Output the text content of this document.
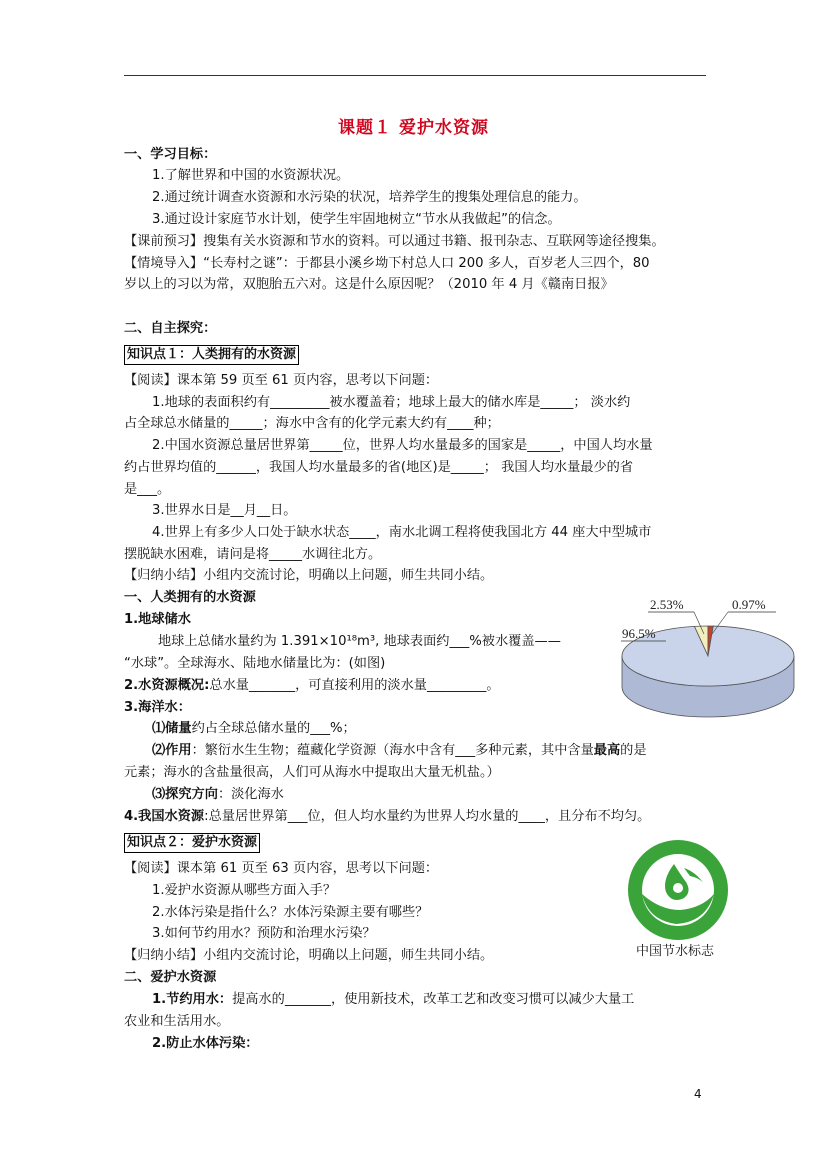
课题１ 爱护水资源
一、学习目标：
1.了解世界和中国的水资源状况。
2.通过统计调查水资源和水污染的状况，培养学生的搜集处理信息的能力。
3.通过设计家庭节水计划，使学生牢固地树立“节水从我做起”的信念。
【课前预习】搜集有关水资源和节水的资料。可以通过书籍、报刊杂志、互联网等途径搜集。
【情境导入】“长寿村之谜”：于都县小溪乡坳下村总人口 200 多人，百岁老人三四个，80
岁以上的习以为常，双胞胎五六对。这是什么原因呢？（2010 年 4 月《赣南日报》
二、自主探究：
知识点１：人类拥有的水资源
【阅读】课本第 59 页至 61 页内容，思考以下问题：
1.地球的表面积约有_________被水覆盖着；地球上最大的储水库是_____； 淡水约
占全球总水储量的_____；海水中含有的化学元素大约有____种；
2.中国水资源总量居世界第_____位，世界人均水量最多的国家是_____，中国人均水量
约占世界均值的______，我国人均水量最多的省(地区)是_____； 我国人均水量最少的省
是___。
3.世界水日是__月__日。
4.世界上有多少人口处于缺水状态____，南水北调工程将使我国北方 44 座大中型城市
摆脱缺水困难，请问是将_____水调往北方。
【归纳小结】小组内交流讨论，明确以上问题，师生共同小结。
一、人类拥有的水资源
1.地球储水
地球上总储水量约为 1.391×10¹⁸m³, 地球表面约___%被水覆盖——
“水球”。全球海水、陆地水储量比为：(如图)
2.水资源概况:总水量_______，可直接利用的淡水量_________。
3.海洋水：
⑴储量约占全球总储水量的___%；
⑵作用：繁衍水生生物；蕴藏化学资源（海水中含有___多种元素，其中含量最高的是
元素；海水的含盐量很高，人们可从海水中提取出大量无机盐。）
⑶探究方向：淡化海水
4.我国水资源:总量居世界第___位，但人均水量约为世界人均水量的____，且分布不均匀。
知识点２：爱护水资源
【阅读】课本第 61 页至 63 页内容，思考以下问题：
1.爱护水资源从哪些方面入手？
2.水体污染是指什么？水体污染源主要有哪些？
3.如何节约用水？预防和治理水污染？
【归纳小结】小组内交流讨论，明确以上问题，师生共同小结。
二、爱护水资源
1.节约用水：提高水的_______，使用新技术，改革工艺和改变习惯可以减少大量工
农业和生活用水。
2.防止水体污染：
2.53%	0.97%
96.5%
中国节水标志
4
